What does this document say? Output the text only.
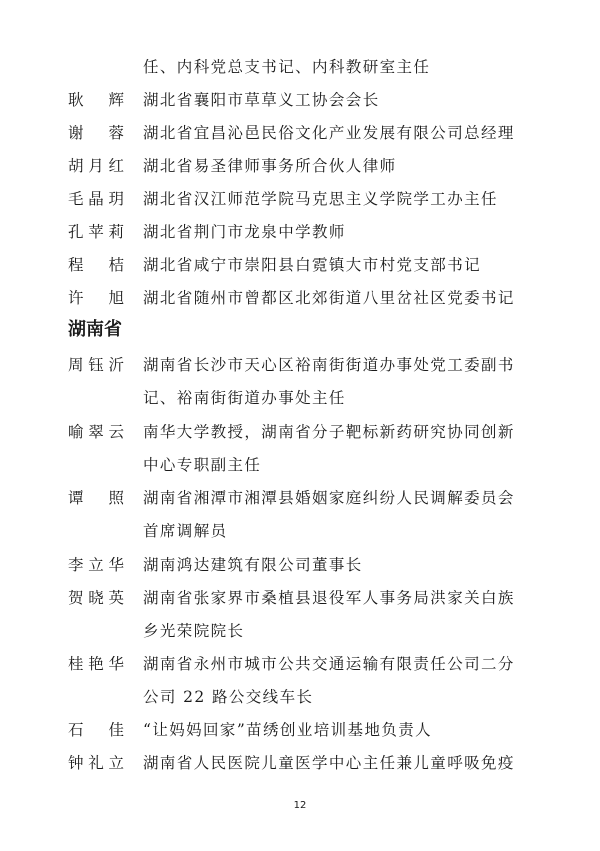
任、内科党总支书记、内科教研室主任
耿　辉 湖北省襄阳市草草义工协会会长
谢　蓉 湖北省宜昌沁邑民俗文化产业发展有限公司总经理
胡月红 湖北省易圣律师事务所合伙人律师
毛晶玥 湖北省汉江师范学院马克思主义学院学工办主任
孔苹莉 湖北省荆门市龙泉中学教师
程　桔 湖北省咸宁市崇阳县白霓镇大市村党支部书记
许　旭 湖北省随州市曾都区北郊街道八里岔社区党委书记
湖南省
周钰沂 湖南省长沙市天心区裕南街街道办事处党工委副书
记、裕南街街道办事处主任
喻翠云 南华大学教授，湖南省分子靶标新药研究协同创新
中心专职副主任
谭　照 湖南省湘潭市湘潭县婚姻家庭纠纷人民调解委员会
首席调解员
李立华 湖南鸿达建筑有限公司董事长
贺晓英 湖南省张家界市桑植县退役军人事务局洪家关白族
乡光荣院院长
桂艳华 湖南省永州市城市公共交通运输有限责任公司二分
公司 22 路公交线车长
石　佳 “让妈妈回家”苗绣创业培训基地负责人
钟礼立 湖南省人民医院儿童医学中心主任兼儿童呼吸免疫
12
